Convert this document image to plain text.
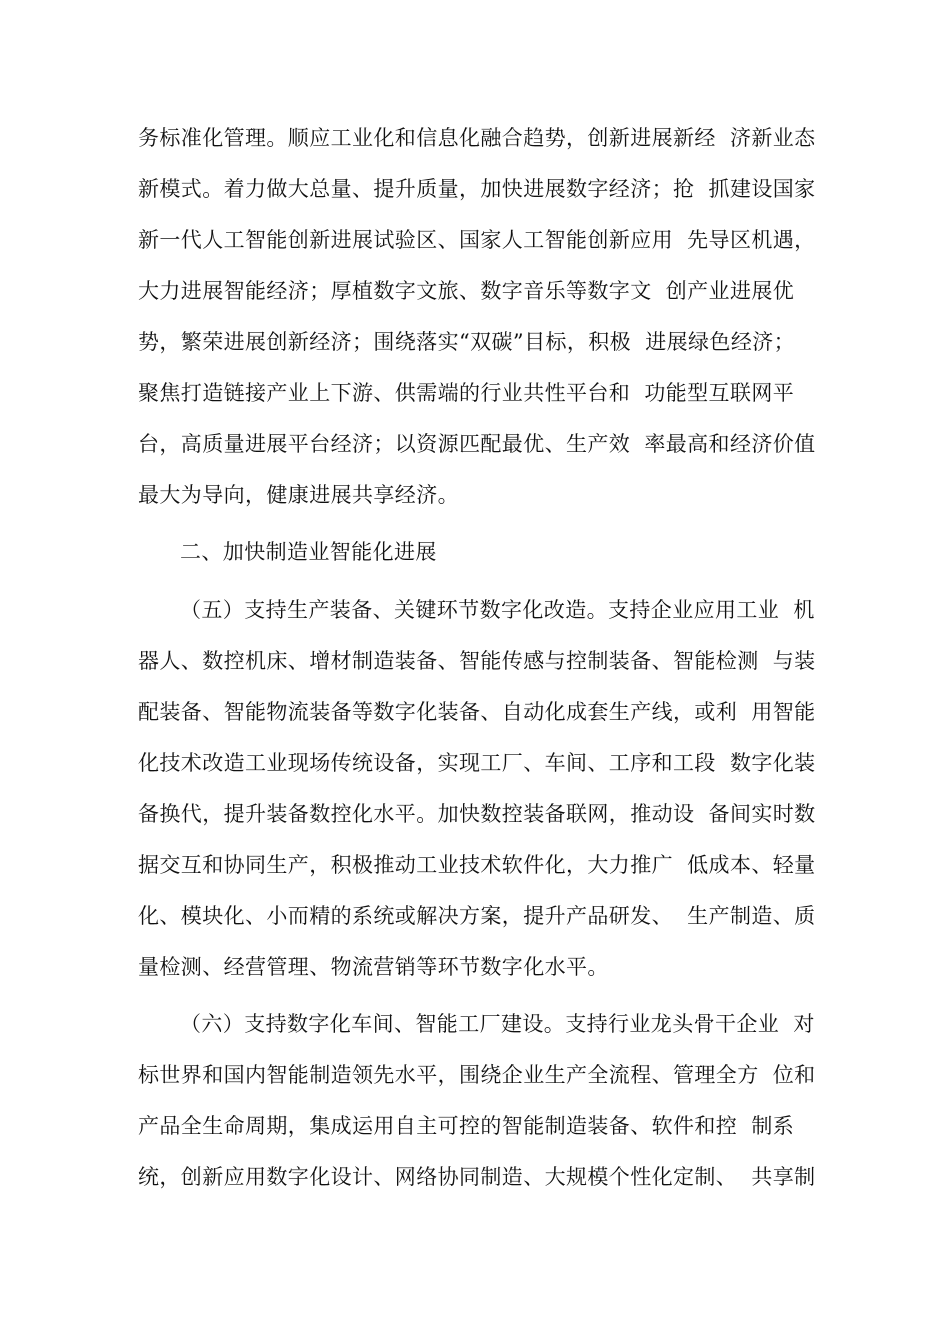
务标准化管理。顺应工业化和信息化融合趋势，创新进展新经  济新业态
新模式。着力做大总量、提升质量，加快进展数字经济；抢  抓建设国家
新一代人工智能创新进展试验区、国家人工智能创新应用  先导区机遇，
大力进展智能经济；厚植数字文旅、数字音乐等数字文  创产业进展优
势，繁荣进展创新经济；围绕落实“双碳”目标，积极  进展绿色经济；
聚焦打造链接产业上下游、供需端的行业共性平台和  功能型互联网平
台，高质量进展平台经济；以资源匹配最优、生产效  率最高和经济价值
最大为导向，健康进展共享经济。
二、加快制造业智能化进展
（五）支持生产装备、关键环节数字化改造。支持企业应用工业  机
器人、数控机床、增材制造装备、智能传感与控制装备、智能检测  与装
配装备、智能物流装备等数字化装备、自动化成套生产线，或利  用智能
化技术改造工业现场传统设备，实现工厂、车间、工序和工段  数字化装
备换代，提升装备数控化水平。加快数控装备联网，推动设  备间实时数
据交互和协同生产，积极推动工业技术软件化，大力推广  低成本、轻量
化、模块化、小而精的系统或解决方案，提升产品研发、  生产制造、质
量检测、经营管理、物流营销等环节数字化水平。
（六）支持数字化车间、智能工厂建设。支持行业龙头骨干企业  对
标世界和国内智能制造领先水平，围绕企业生产全流程、管理全方  位和
产品全生命周期，集成运用自主可控的智能制造装备、软件和控  制系
统，创新应用数字化设计、网络协同制造、大规模个性化定制、  共享制
